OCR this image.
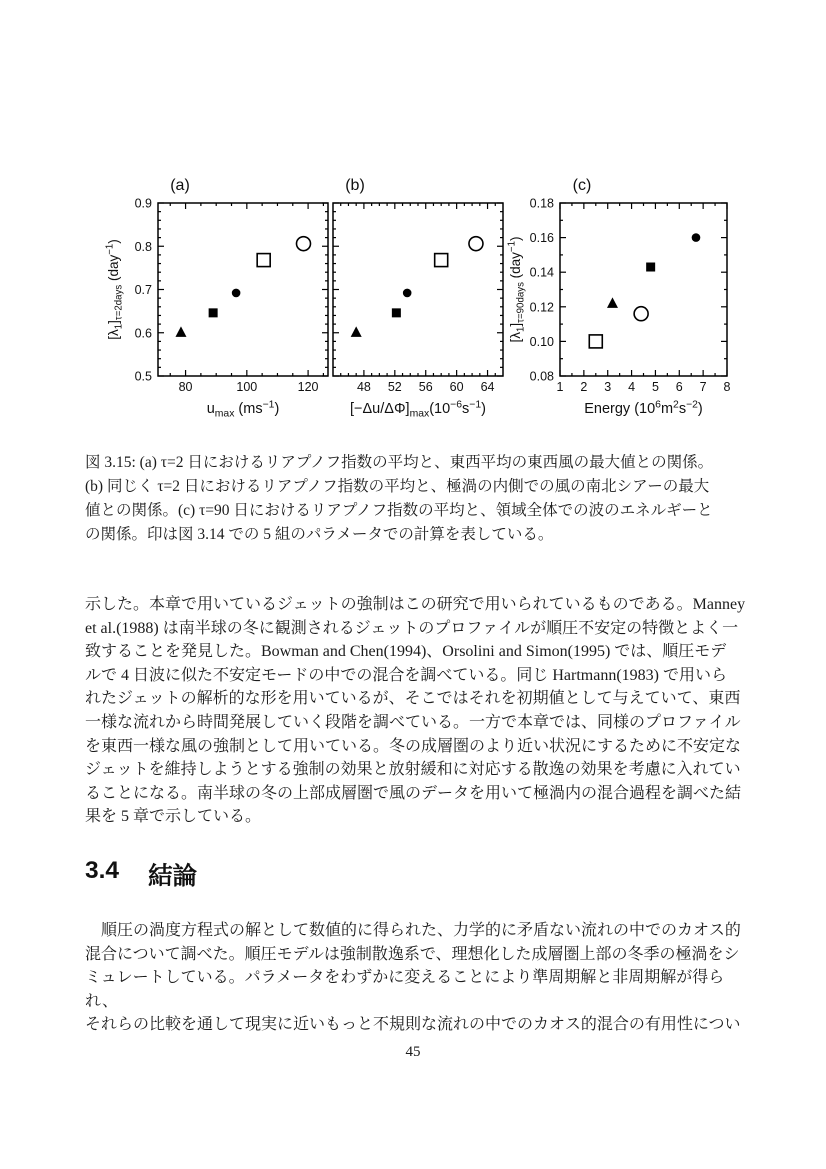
80	100	120
0.5
0.6
0.7
0.8
0.9
(a)
$u_{max}$ $(ms^{-1})$
$[\lambda_1]_{\tau=2days}$ (day$^{-1}$)
48 52 56 60 64
(b)
$[-\Delta u/\Delta\Phi]_{max}(10^{-6}s^{-1})$
1 2 3 4 5 6 7 8
0.08
0.10
0.12
0.14
0.16
0.18
(c)
Energy $(10^6m^2s^{-2})$
$[\lambda_1]_{\tau=90days}$ (day$^{-1}$)
図 3.15: (a) τ=2 日におけるリアプノフ指数の平均と、東西平均の東西風の最大値との関係。
(b) 同じく τ=2 日におけるリアプノフ指数の平均と、極渦の内側での風の南北シアーの最大
値との関係。(c) τ=90 日におけるリアプノフ指数の平均と、領域全体での波のエネルギーと
の関係。印は図 3.14 での 5 組のパラメータでの計算を表している。
示した。本章で用いているジェットの強制はこの研究で用いられているものである。Manney
et al.(1988) は南半球の冬に観測されるジェットのプロファイルが順圧不安定の特徴とよく一
致することを発見した。Bowman and Chen(1994)、Orsolini and Simon(1995) では、順圧モデ
ルで 4 日波に似た不安定モードの中での混合を調べている。同じ Hartmann(1983) で用いら
れたジェットの解析的な形を用いているが、そこではそれを初期値として与えていて、東西
一様な流れから時間発展していく段階を調べている。一方で本章では、同様のプロファイル
を東西一様な風の強制として用いている。冬の成層圏のより近い状況にするために不安定な
ジェットを維持しようとする強制の効果と放射緩和に対応する散逸の効果を考慮に入れてい
ることになる。南半球の冬の上部成層圏で風のデータを用いて極渦内の混合過程を調べた結
果を 5 章で示している。
3.4 結論
順圧の渦度方程式の解として数値的に得られた、力学的に矛盾ない流れの中でのカオス的
混合について調べた。順圧モデルは強制散逸系で、理想化した成層圏上部の冬季の極渦をシ
ミュレートしている。パラメータをわずかに変えることにより準周期解と非周期解が得られ、
それらの比較を通して現実に近いもっと不規則な流れの中でのカオス的混合の有用性につい
45
